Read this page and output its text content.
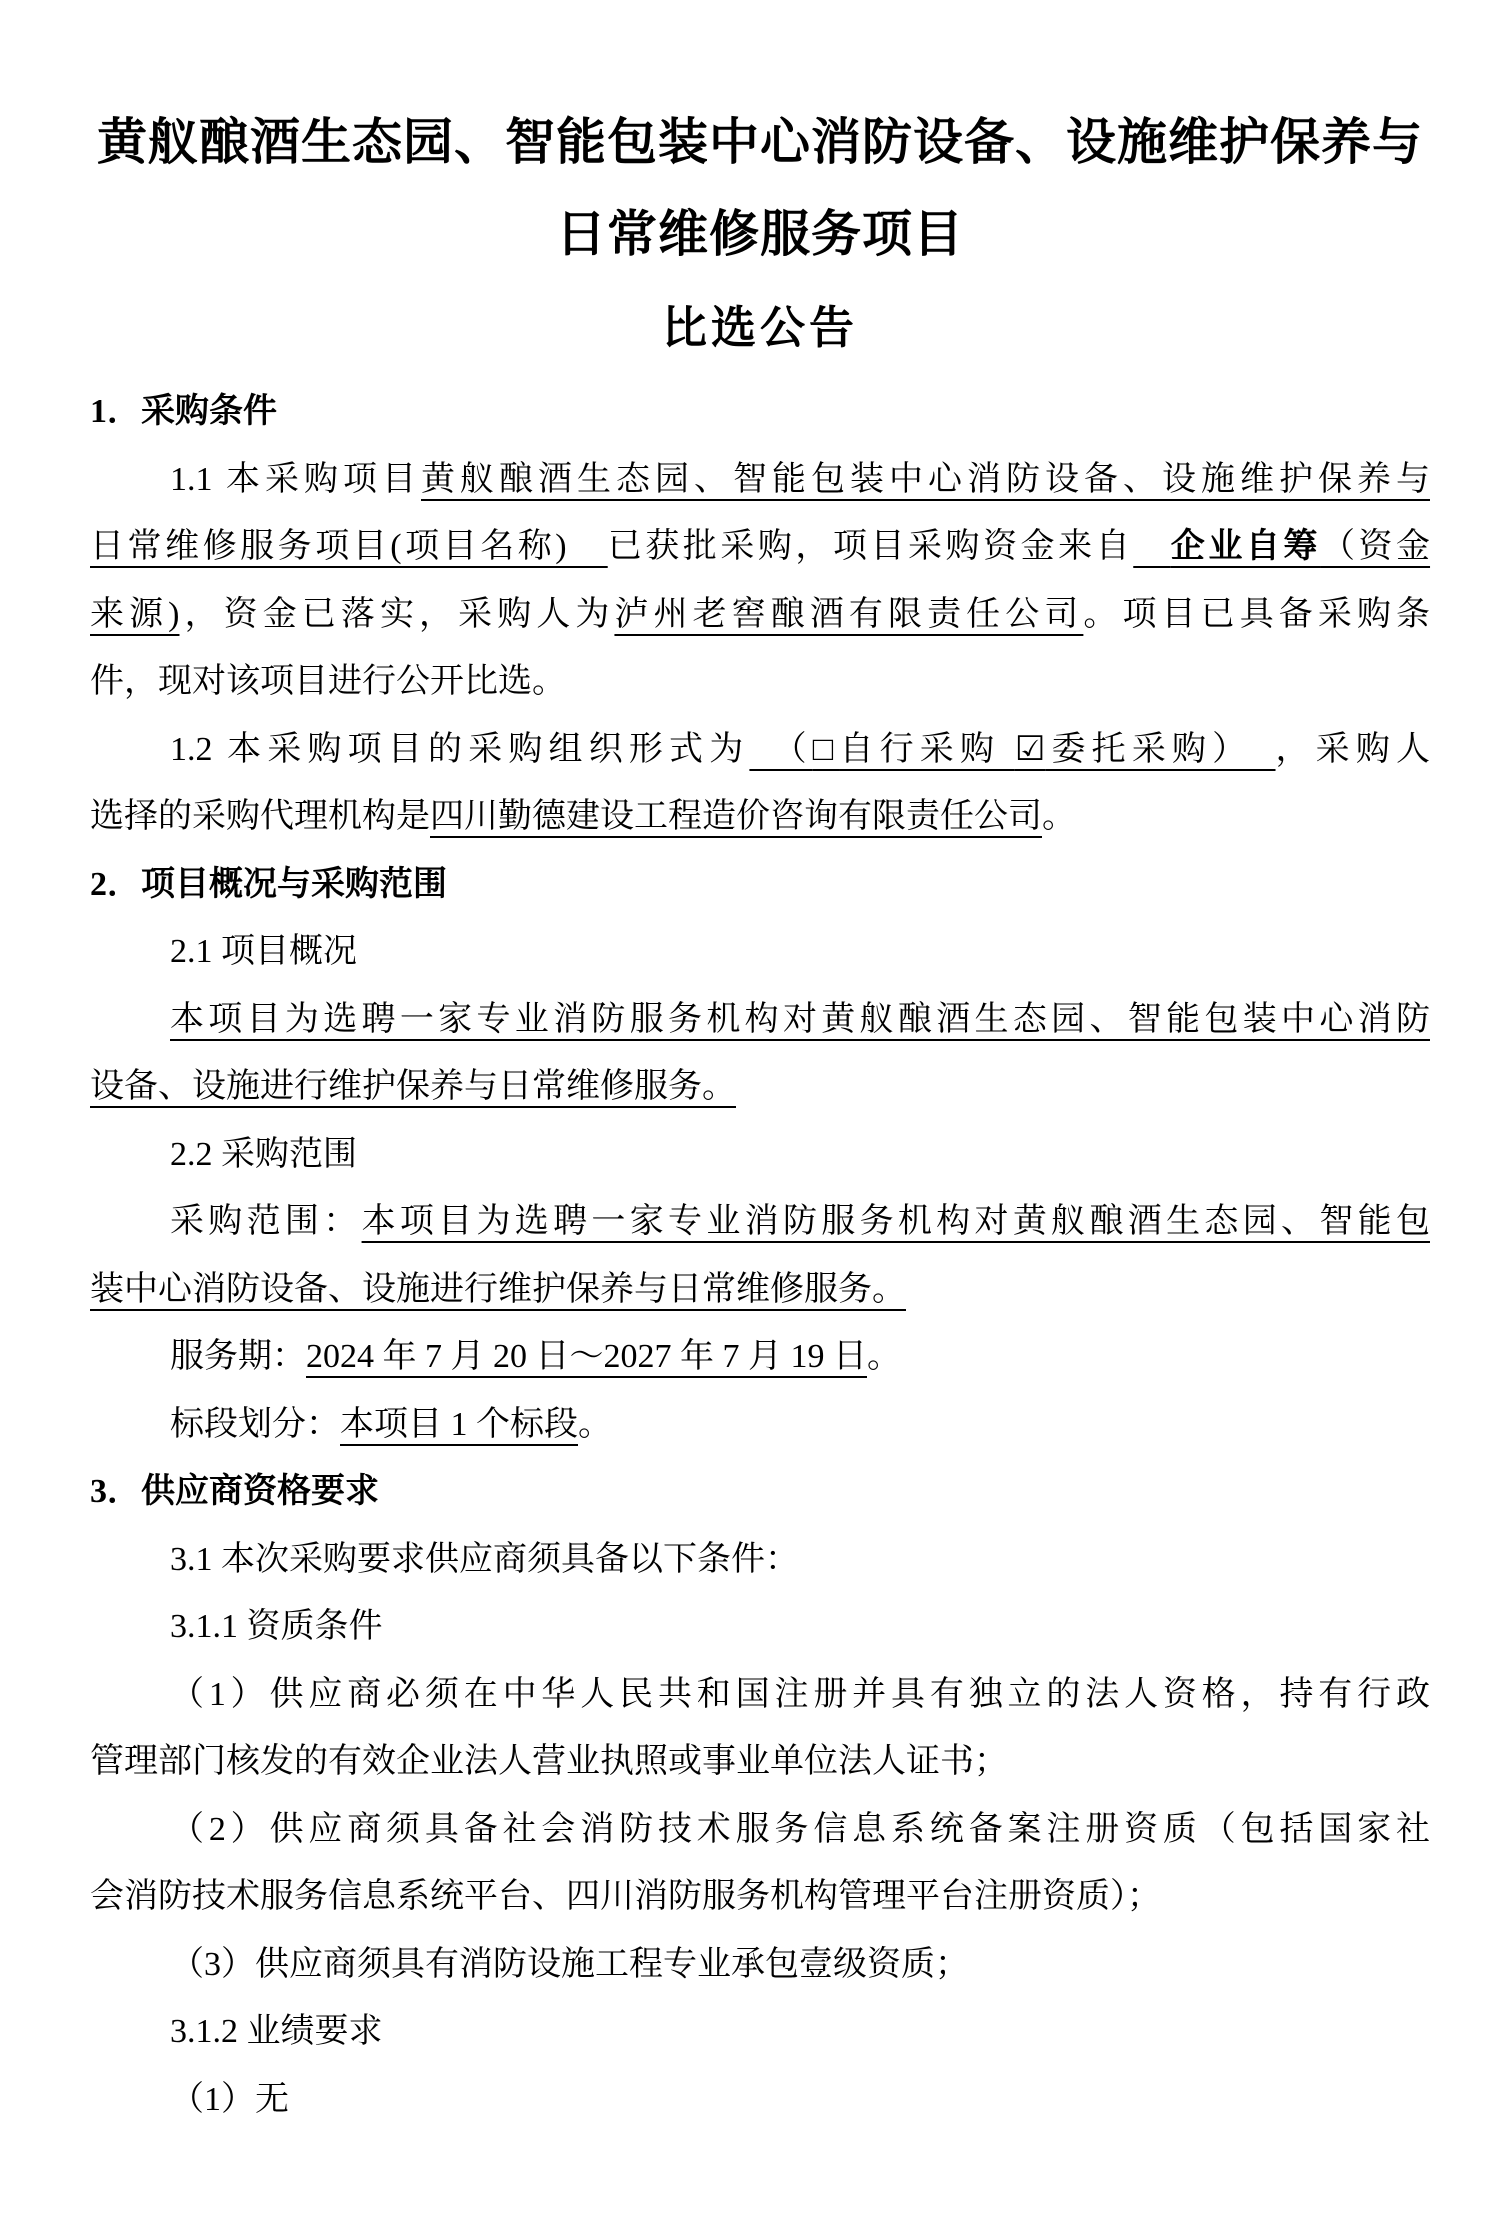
黄舣酿酒生态园、智能包装中心消防设备、设施维护保养与
日常维修服务项目
比选公告
1．采购条件
1.1 本采购项目黄舣酿酒生态园、智能包装中心消防设备、设施维护保养与
日常维修服务项目(项目名称)　已获批采购，项目采购资金来自　 企业自筹（资金
来源)，资金已落实，采购人为泸州老窖酿酒有限责任公司。项目已具备采购条
件，现对该项目进行公开比选。
1.2 本采购项目的采购组织形式为　（□自行采购 ☑委托采购）　，采购人
选择的采购代理机构是四川勤德建设工程造价咨询有限责任公司。
2．项目概况与采购范围
2.1 项目概况
本项目为选聘一家专业消防服务机构对黄舣酿酒生态园、智能包装中心消防
设备、设施进行维护保养与日常维修服务。
2.2 采购范围
采购范围：本项目为选聘一家专业消防服务机构对黄舣酿酒生态园、智能包
装中心消防设备、设施进行维护保养与日常维修服务。
服务期：2024 年 7 月 20 日～2027 年 7 月 19 日。
标段划分：本项目 1 个标段。
3．供应商资格要求
3.1 本次采购要求供应商须具备以下条件：
3.1.1 资质条件
（1）供应商必须在中华人民共和国注册并具有独立的法人资格，持有行政
管理部门核发的有效企业法人营业执照或事业单位法人证书；
（2）供应商须具备社会消防技术服务信息系统备案注册资质（包括国家社
会消防技术服务信息系统平台、四川消防服务机构管理平台注册资质）；
（3）供应商须具有消防设施工程专业承包壹级资质；
3.1.2 业绩要求
（1）无
